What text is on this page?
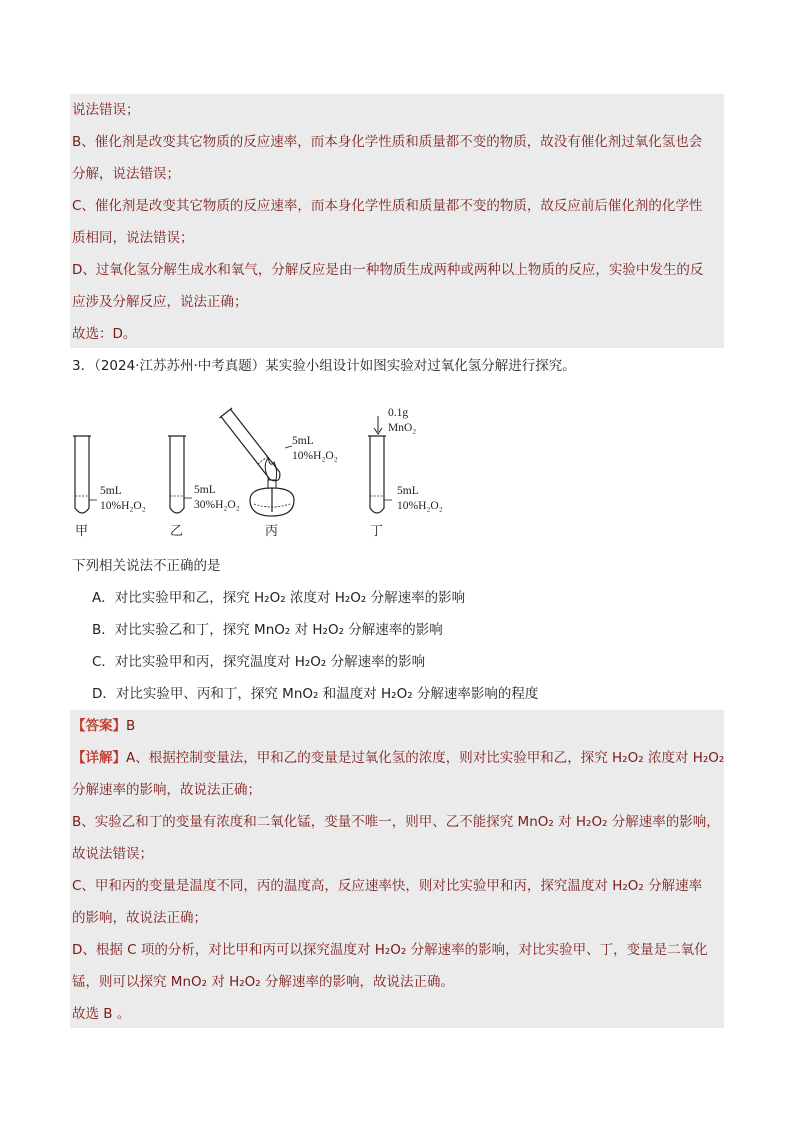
说法错误；
B、催化剂是改变其它物质的反应速率，而本身化学性质和质量都不变的物质，故没有催化剂过氧化氢也会
分解，说法错误；
C、催化剂是改变其它物质的反应速率，而本身化学性质和质量都不变的物质，故反应前后催化剂的化学性
质相同，说法错误；
D、过氧化氢分解生成水和氧气，分解反应是由一种物质生成两种或两种以上物质的反应，实验中发生的反
应涉及分解反应，说法正确；
故选：D。
3．（2024·江苏苏州·中考真题）某实验小组设计如图实验对过氧化氢分解进行探究。
5mL
10%H₂O₂
甲
5mL
30%H₂O₂
乙
5mL
10%H₂O₂
丙
0.1g
MnO₂
5mL
10%H₂O₂
丁
下列相关说法不正确的是
A．对比实验甲和乙，探究 H₂O₂ 浓度对 H₂O₂ 分解速率的影响
B．对比实验乙和丁，探究 MnO₂ 对 H₂O₂ 分解速率的影响
C．对比实验甲和丙，探究温度对 H₂O₂ 分解速率的影响
D．对比实验甲、丙和丁，探究 MnO₂ 和温度对 H₂O₂ 分解速率影响的程度
【答案】B
【详解】A、根据控制变量法，甲和乙的变量是过氧化氢的浓度，则对比实验甲和乙，探究 H₂O₂ 浓度对 H₂O₂
分解速率的影响，故说法正确；
B、实验乙和丁的变量有浓度和二氧化锰，变量不唯一，则甲、乙不能探究 MnO₂ 对 H₂O₂ 分解速率的影响，
故说法错误；
C、甲和丙的变量是温度不同，丙的温度高，反应速率快，则对比实验甲和丙，探究温度对 H₂O₂ 分解速率
的影响，故说法正确；
D、根据 C 项的分析，对比甲和丙可以探究温度对 H₂O₂ 分解速率的影响，对比实验甲、丁，变量是二氧化
锰，则可以探究 MnO₂ 对 H₂O₂ 分解速率的影响，故说法正确。
故选 B 。
